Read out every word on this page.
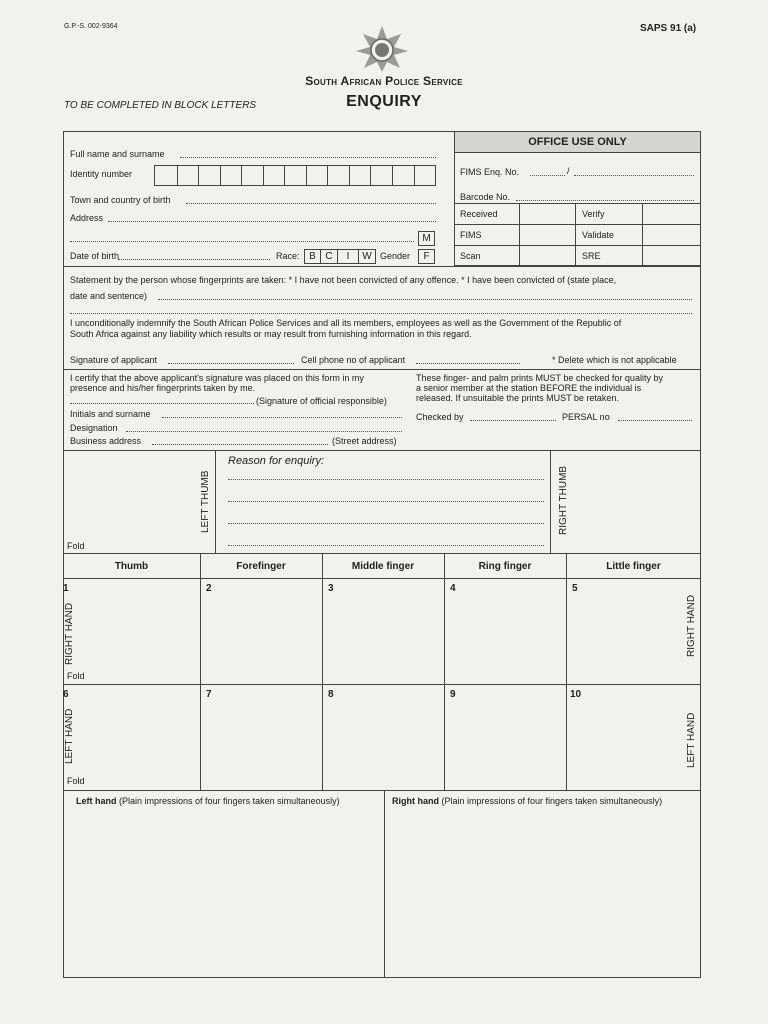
G.P.-S. 002-9364	SAPS 91 (a)
South African Police Service
TO BE COMPLETED IN BLOCK LETTERS	ENQUIRY
Full name and surname
Identity number
Town and country of birth
Address
Date of birth	Race: B C	I	W Gender
M
F
OFFICE USE ONLY
FIMS Enq. No.	/
Barcode No.
Received	Verify
FIMS	Validate
Scan	SRE
Statement by the person whose fingerprints are taken: * I have not been convicted of any offence. * I have been convicted of (state place,
date and sentence)
I unconditionally indemnify the South African Police Services and all its members, employees as well as the Government of the Republic of
South Africa against any liability which results or may result from furnishing information in this regard.
Signature of applicant	Cell phone no of applicant	* Delete which is not applicable
I certify that the above applicant's signature was placed on this form in my
presence and his/her fingerprints taken by me.
(Signature of official responsible)
Initials and surname
Designation
Business address	(Street address)
These finger- and palm prints MUST be checked for quality by
a senior member at the station BEFORE the individual is
released. If unsuitable the prints MUST be retaken.
Checked by	PERSAL no
LEFT THUMB	RIGHT THUMB
Reason for enquiry:
Fold
Thumb	Forefinger	Middle finger	Ring finger	Little finger
1	2	3	4	5
RIGHT HAND	RIGHT HAND
Fold
6	7	8	9	10
LEFT HAND	LEFT HAND
Fold
Left hand (Plain impressions of four fingers taken simultaneously)	Right hand (Plain impressions of four fingers taken simultaneously)
